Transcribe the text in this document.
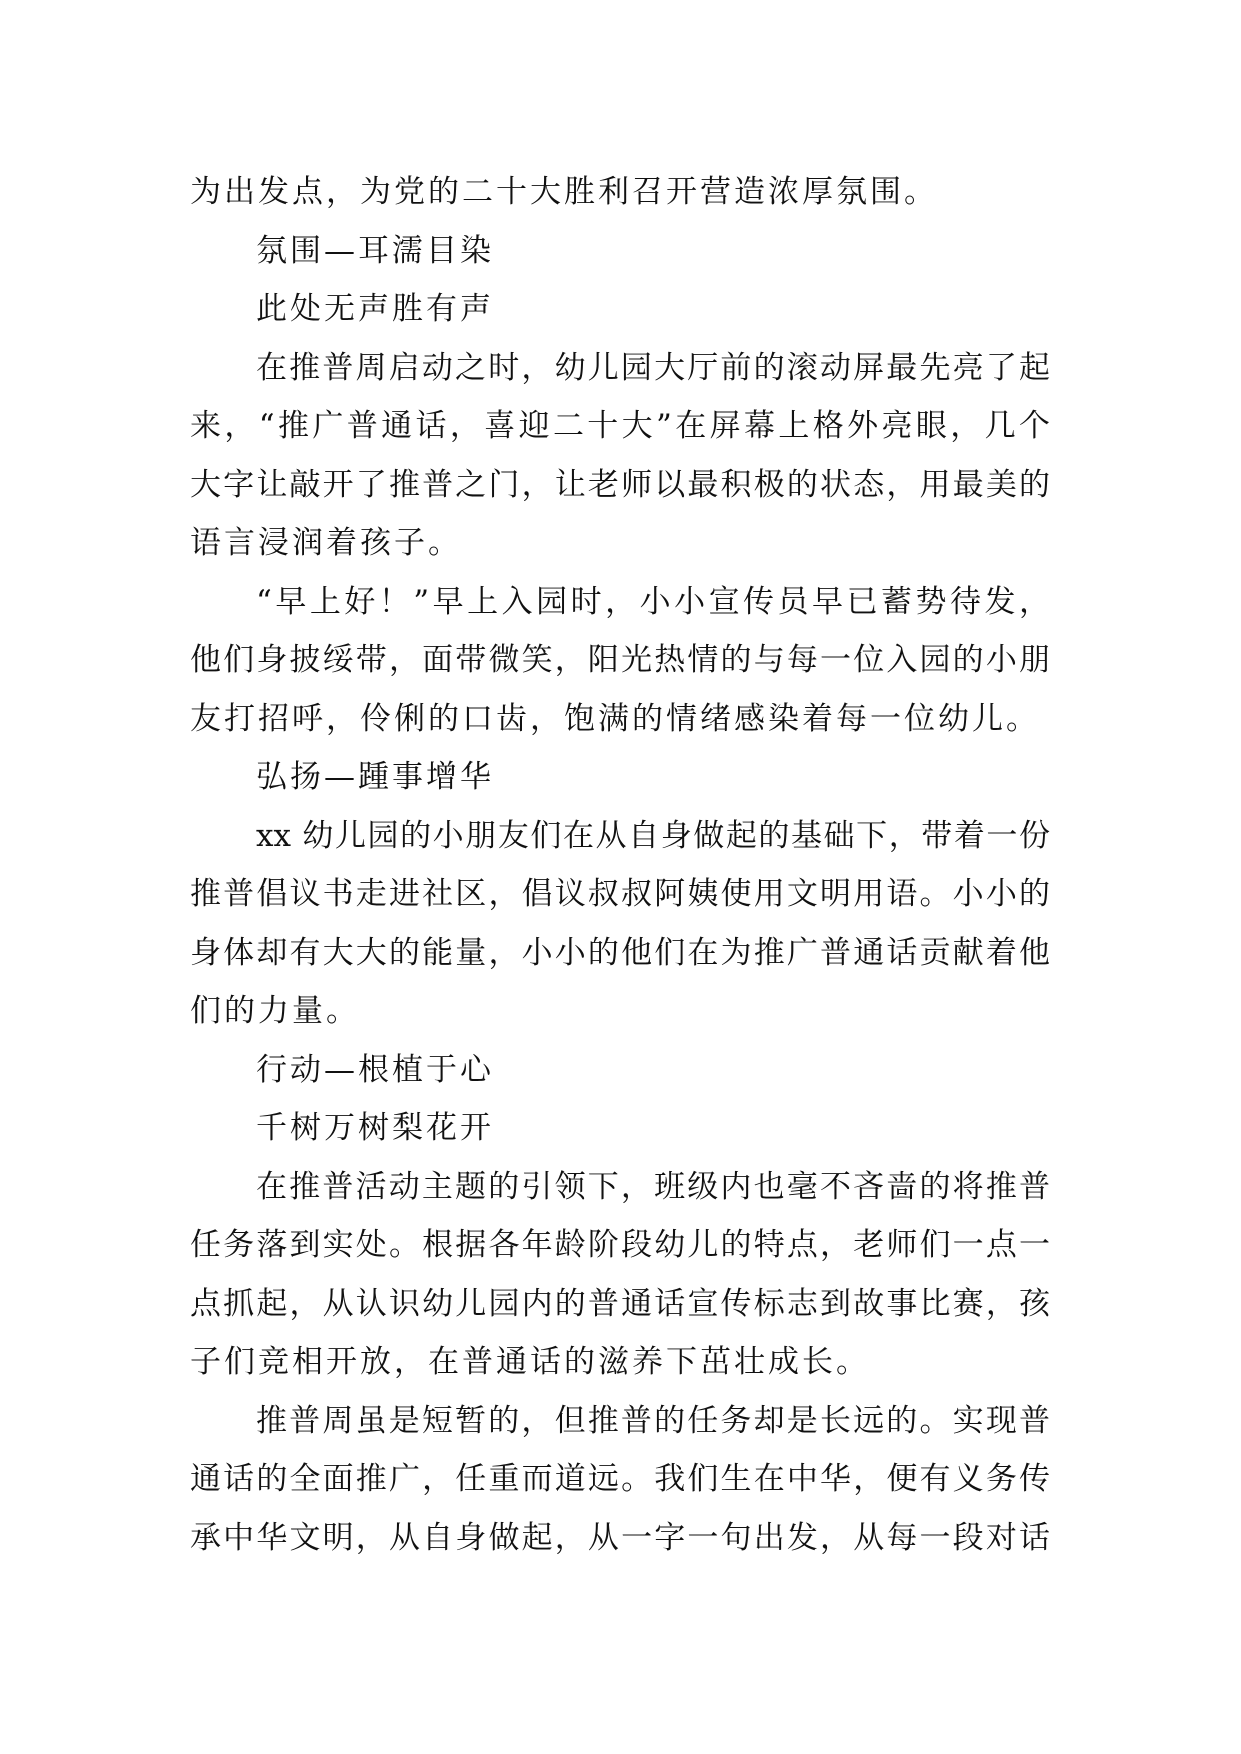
为出发点，为党的二十大胜利召开营造浓厚氛围。
氛围—耳濡目染
此处无声胜有声
在推普周启动之时，幼儿园大厅前的滚动屏最先亮了起
来，“推广普通话，喜迎二十大”在屏幕上格外亮眼，几个
大字让敲开了推普之门，让老师以最积极的状态，用最美的
语言浸润着孩子。
“早上好！”早上入园时，小小宣传员早已蓄势待发，
他们身披绥带，面带微笑，阳光热情的与每一位入园的小朋
友打招呼，伶俐的口齿，饱满的情绪感染着每一位幼儿。
弘扬—踵事增华
xx 幼儿园的小朋友们在从自身做起的基础下，带着一份
推普倡议书走进社区，倡议叔叔阿姨使用文明用语。小小的
身体却有大大的能量，小小的他们在为推广普通话贡献着他
们的力量。
行动—根植于心
千树万树梨花开
在推普活动主题的引领下，班级内也毫不吝啬的将推普
任务落到实处。根据各年龄阶段幼儿的特点，老师们一点一
点抓起，从认识幼儿园内的普通话宣传标志到故事比赛，孩
子们竞相开放，在普通话的滋养下茁壮成长。
推普周虽是短暂的，但推普的任务却是长远的。实现普
通话的全面推广，任重而道远。我们生在中华，便有义务传
承中华文明，从自身做起，从一字一句出发，从每一段对话
